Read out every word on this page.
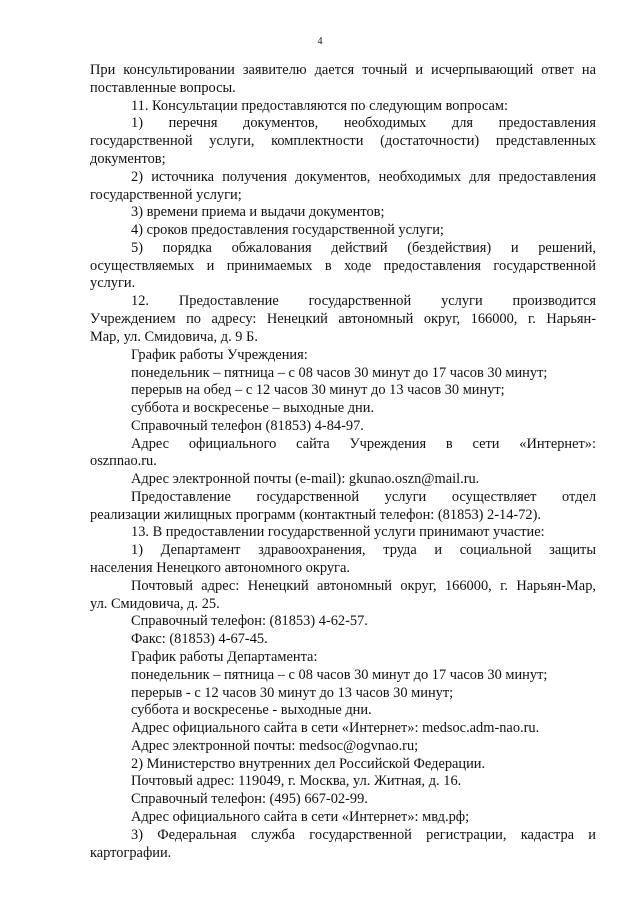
4
При консультировании заявителю дается точный и исчерпывающий ответ на
поставленные вопросы.
11. Консультации предоставляются по следующим вопросам:
1) перечня документов, необходимых для предоставления
государственной услуги, комплектности (достаточности) представленных
документов;
2) источника получения документов, необходимых для предоставления
государственной услуги;
3) времени приема и выдачи документов;
4) сроков предоставления государственной услуги;
5) порядка обжалования действий (бездействия) и решений,
осуществляемых и принимаемых в ходе предоставления государственной
услуги.
12. Предоставление государственной услуги производится
Учреждением по адресу: Ненецкий автономный округ, 166000, г. Нарьян-
Мар, ул. Смидовича, д. 9 Б.
График работы Учреждения:
понедельник – пятница – с 08 часов 30 минут до 17 часов 30 минут;
перерыв на обед – с 12 часов 30 минут до 13 часов 30 минут;
суббота и воскресенье – выходные дни.
Справочный телефон (81853) 4-84-97.
Адрес официального сайта Учреждения в сети «Интернет»:
oszпnао.ru.
Адрес электронной почты (e-mail): gkunao.oszn@mail.ru.
Предоставление государственной услуги осуществляет отдел
реализации жилищных программ (контактный телефон: (81853) 2-14-72).
13. В предоставлении государственной услуги принимают участие:
1) Департамент здравоохранения, труда и социальной защиты
населения Ненецкого автономного округа.
Почтовый адрес: Ненецкий автономный округ, 166000, г. Нарьян-Мар,
ул. Смидовича, д. 25.
Справочный телефон: (81853) 4-62-57.
Факс: (81853) 4-67-45.
График работы Департамента:
понедельник – пятница – с 08 часов 30 минут до 17 часов 30 минут;
перерыв - с 12 часов 30 минут до 13 часов 30 минут;
суббота и воскресенье - выходные дни.
Адрес официального сайта в сети «Интернет»: medsoc.adm-nao.ru.
Адрес электронной почты: medsoc@ogvnao.ru;
2) Министерство внутренних дел Российской Федерации.
Почтовый адрес: 119049, г. Москва, ул. Житная, д. 16.
Справочный телефон: (495) 667-02-99.
Адрес официального сайта в сети «Интернет»: мвд.рф;
3) Федеральная служба государственной регистрации, кадастра и
картографии.
